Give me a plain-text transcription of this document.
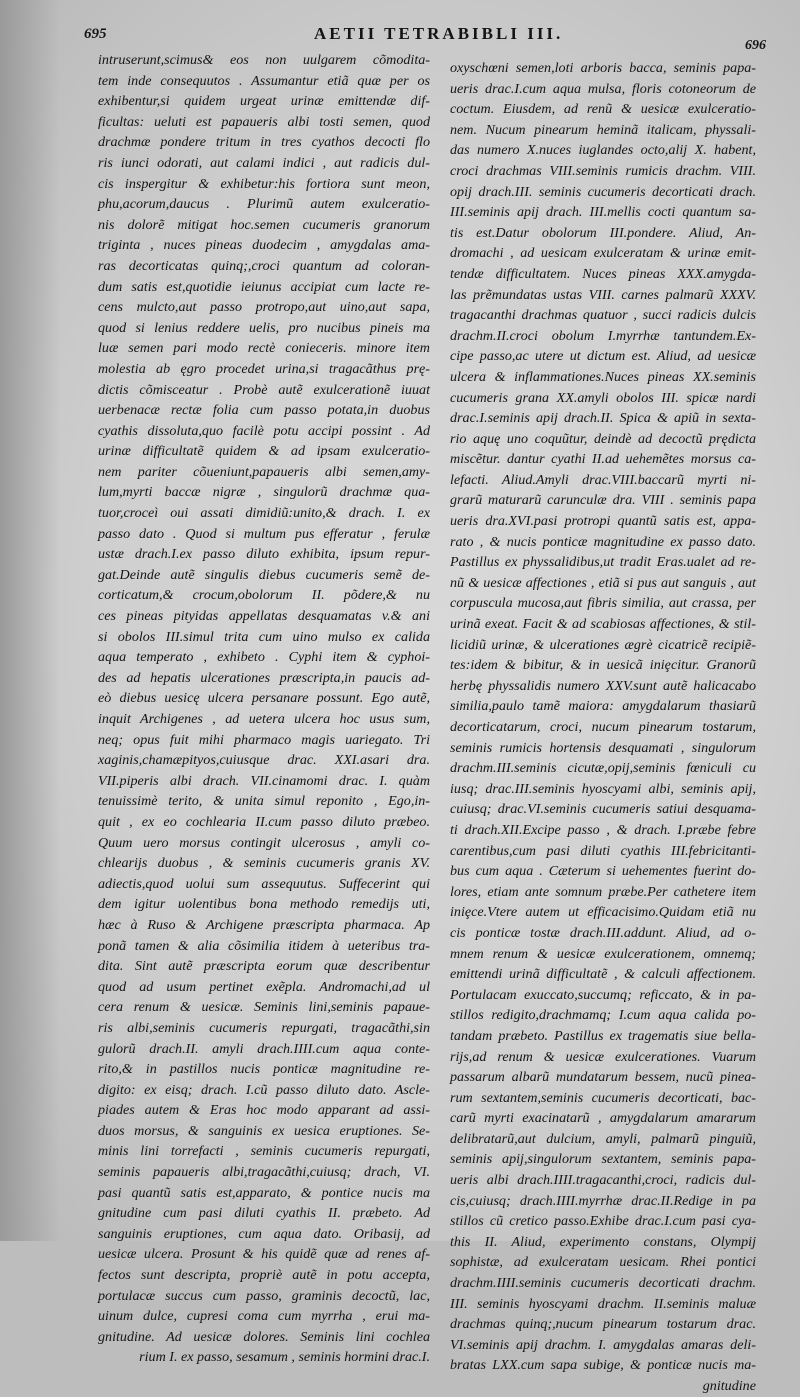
695	AETII TETRABIBLI III.
696
intruserunt,scimus& eos non uulgarem cõmodita-
tem inde consequutos . Assumantur etiã quæ per os
exhibentur,si quidem urgeat urinæ emittendæ dif-
ficultas: ueluti est papaueris albi tosti semen, quod
drachmæ pondere tritum in tres cyathos decocti flo
ris iunci odorati, aut calami indici , aut radicis dul-
cis inspergitur & exhibetur:his fortiora sunt meon,
phu,acorum,daucus . Plurimũ autem exulceratio-
nis dolorẽ mitigat hoc.semen cucumeris granorum
triginta , nuces pineas duodecim , amygdalas ama-
ras decorticatas quinq;,croci quantum ad coloran-
dum satis est,quotidie ieiunus accipiat cum lacte re-
cens mulcto,aut passo protropo,aut uino,aut sapa,
quod si lenius reddere uelis, pro nucibus pineis ma
luæ semen pari modo rectè conieceris. minore item
molestia ab ęgro procedet urina,si tragacãthus prę-
dictis cõmisceatur . Probè autẽ exulcerationẽ iuuat
uerbenacæ rectæ folia cum passo potata,in duobus
cyathis dissoluta,quo facilè potu accipi possint . Ad
urinæ difficultatẽ quidem & ad ipsam exulceratio-
nem pariter cõueniunt,papaueris albi semen,amy-
lum,myrti baccæ nigræ , singulorũ drachmæ qua-
tuor,croceì oui assati dimidiũ:unito,& drach. I. ex
passo dato . Quod si multum pus efferatur , ferulæ
ustæ drach.I.ex passo diluto exhibita, ipsum repur-
gat.Deinde autẽ singulis diebus cucumeris semẽ de-
corticatum,& crocum,obolorum II. põdere,& nu
ces pineas pityidas appellatas desquamatas v.& ani
si obolos III.simul trita cum uino mulso ex calida
aqua temperato , exhibeto . Cyphi item & cyphoi-
des ad hepatis ulcerationes præscripta,in paucis ad-
eò diebus uesicę ulcera persanare possunt. Ego autẽ,
inquit Archigenes , ad uetera ulcera hoc usus sum,
neq; opus fuit mihi pharmaco magis uariegato. Tri
xaginis,chamæpityos,cuiusque drac. XXI.asari dra.
VII.piperis albi drach. VII.cinamomi drac. I. quàm
tenuissimè terito, & unita simul reponito , Ego,in-
quit , ex eo cochlearia II.cum passo diluto præbeo.
Quum uero morsus contingit ulcerosus , amyli co-
chlearijs duobus , & seminis cucumeris granis XV.
adiectis,quod uolui sum assequutus. Suffecerint qui
dem igitur uolentibus bona methodo remedijs uti,
hæc à Ruso & Archigene præscripta pharmaca. Ap
ponã tamen & alia cõsimilia itidem à ueteribus tra-
dita. Sint autẽ præscripta eorum quæ describentur
quod ad usum pertinet exẽpla. Andromachi,ad ul
cera renum & uesicæ. Seminis lini,seminis papaue-
ris albi,seminis cucumeris repurgati, tragacãthi,sin
gulorũ drach.II. amyli drach.IIII.cum aqua conte-
rito,& in pastillos nucis ponticæ magnitudine re-
digito: ex eisq; drach. I.cũ passo diluto dato. Ascle-
piades autem & Eras hoc modo apparant ad assi-
duos morsus, & sanguinis ex uesica eruptiones. Se-
minis lini torrefacti , seminis cucumeris repurgati,
seminis papaueris albi,tragacãthi,cuiusq; drach, VI.
pasi quantũ satis est,apparato, & pontice nucis ma
gnitudine cum pasi diluti cyathis II. præbeto. Ad
sanguinis eruptiones, cum aqua dato. Oribasij, ad
uesicæ ulcera. Prosunt & his quidẽ quæ ad renes af-
fectos sunt descripta, propriè autẽ in potu accepta,
portulacæ succus cum passo, graminis decoctũ, lac,
uinum dulce, cupresi coma cum myrrha , erui ma-
gnitudine. Ad uesicæ dolores. Seminis lini cochlea
rium I. ex passo, sesamum , seminis hormini drac.I.
oxyschœni semen,loti arboris bacca, seminis papa-
ueris drac.I.cum aqua mulsa, floris cotoneorum de
coctum. Eiusdem, ad renũ & uesicæ exulceratio-
nem. Nucum pinearum heminã italicam, physsali-
das numero X.nuces iuglandes octo,alij X. habent,
croci drachmas VIII.seminis rumicis drachm. VIII.
opij drach.III. seminis cucumeris decorticati drach.
III.seminis apij drach. III.mellis cocti quantum sa-
tis est.Datur obolorum III.pondere. Aliud, An-
dromachi , ad uesicam exulceratam & urinæ emit-
tendæ difficultatem. Nuces pineas XXX.amygda-
las prẽmundatas ustas VIII. carnes palmarũ XXXV.
tragacanthi drachmas quatuor , succi radicis dulcis
drachm.II.croci obolum I.myrrhæ tantundem.Ex-
cipe passo,ac utere ut dictum est. Aliud, ad uesicæ
ulcera & inflammationes.Nuces pineas XX.seminis
cucumeris grana XX.amyli obolos III. spicæ nardi
drac.I.seminis apij drach.II. Spica & apiũ in sexta-
rio aquę uno coquũtur, deindè ad decoctũ prędicta
miscẽtur. dantur cyathi II.ad uehemẽtes morsus ca-
lefacti. Aliud.Amyli drac.VIII.baccarũ myrti ni-
grarũ maturarũ carunculæ dra. VIII . seminis papa
ueris dra.XVI.pasi protropi quantũ satis est, appa-
rato , & nucis ponticæ magnitudine ex passo dato.
Pastillus ex physsalidibus,ut tradit Eras.ualet ad re-
nũ & uesicæ affectiones , etiã si pus aut sanguis , aut
corpuscula mucosa,aut fibris similia, aut crassa, per
urinã exeat. Facit & ad scabiosas affectiones, & stil-
licidiũ urinæ, & ulcerationes ægrè cicatricẽ recipiẽ-
tes:idem & bibitur, & in uesicã iniȩcitur. Granorũ
herbę physsalidis numero XXV.sunt autẽ halicacabo
similia,paulo tamẽ maiora: amygdalarum thasiarũ
decorticatarum, croci, nucum pinearum tostarum,
seminis rumicis hortensis desquamati , singulorum
drachm.III.seminis cicutæ,opij,seminis fœniculi cu
iusq; drac.III.seminis hyoscyami albi, seminis apij,
cuiusq; drac.VI.seminis cucumeris satiui desquama-
ti drach.XII.Excipe passo , & drach. I.præbe febre
carentibus,cum pasi diluti cyathis III.febricitanti-
bus cum aqua . Cæterum si uehementes fuerint do-
lores, etiam ante somnum præbe.Per cathetere item
iniȩce.Vtere autem ut efficacisimo.Quidam etiã nu
cis ponticæ tostæ drach.III.addunt. Aliud, ad o-
mnem renum & uesicæ exulcerationem, omnemq;
emittendi urinã difficultatẽ , & calculi affectionem.
Portulacam exuccato,succumq; reficcato, & in pa-
stillos redigito,drachmamq; I.cum aqua calida po-
tandam præbeto. Pastillus ex tragematis siue bella-
rijs,ad renum & uesicæ exulcerationes. Vuarum
passarum albarũ mundatarum bessem, nucũ pinea-
rum sextantem,seminis cucumeris decorticati, bac-
carũ myrti exacinatarũ , amygdalarum amararum
delibratarũ,aut dulcium, amyli, palmarũ pinguiũ,
seminis apij,singulorum sextantem, seminis papa-
ueris albi drach.IIII.tragacanthi,croci, radicis dul-
cis,cuiusq; drach.IIII.myrrhæ drac.II.Redige in pa
stillos cũ cretico passo.Exhibe drac.I.cum pasi cya-
this II. Aliud, experimento constans, Olympij
sophistæ, ad exulceratam uesicam. Rhei pontici
drachm.IIII.seminis cucumeris decorticati drachm.
III. seminis hyoscyami drachm. II.seminis maluæ
drachmas quinq;,nucum pinearum tostarum drac.
VI.seminis apij drachm. I. amygdalas amaras deli-
bratas LXX.cum sapa subige, & ponticæ nucis ma-
gnitudine
